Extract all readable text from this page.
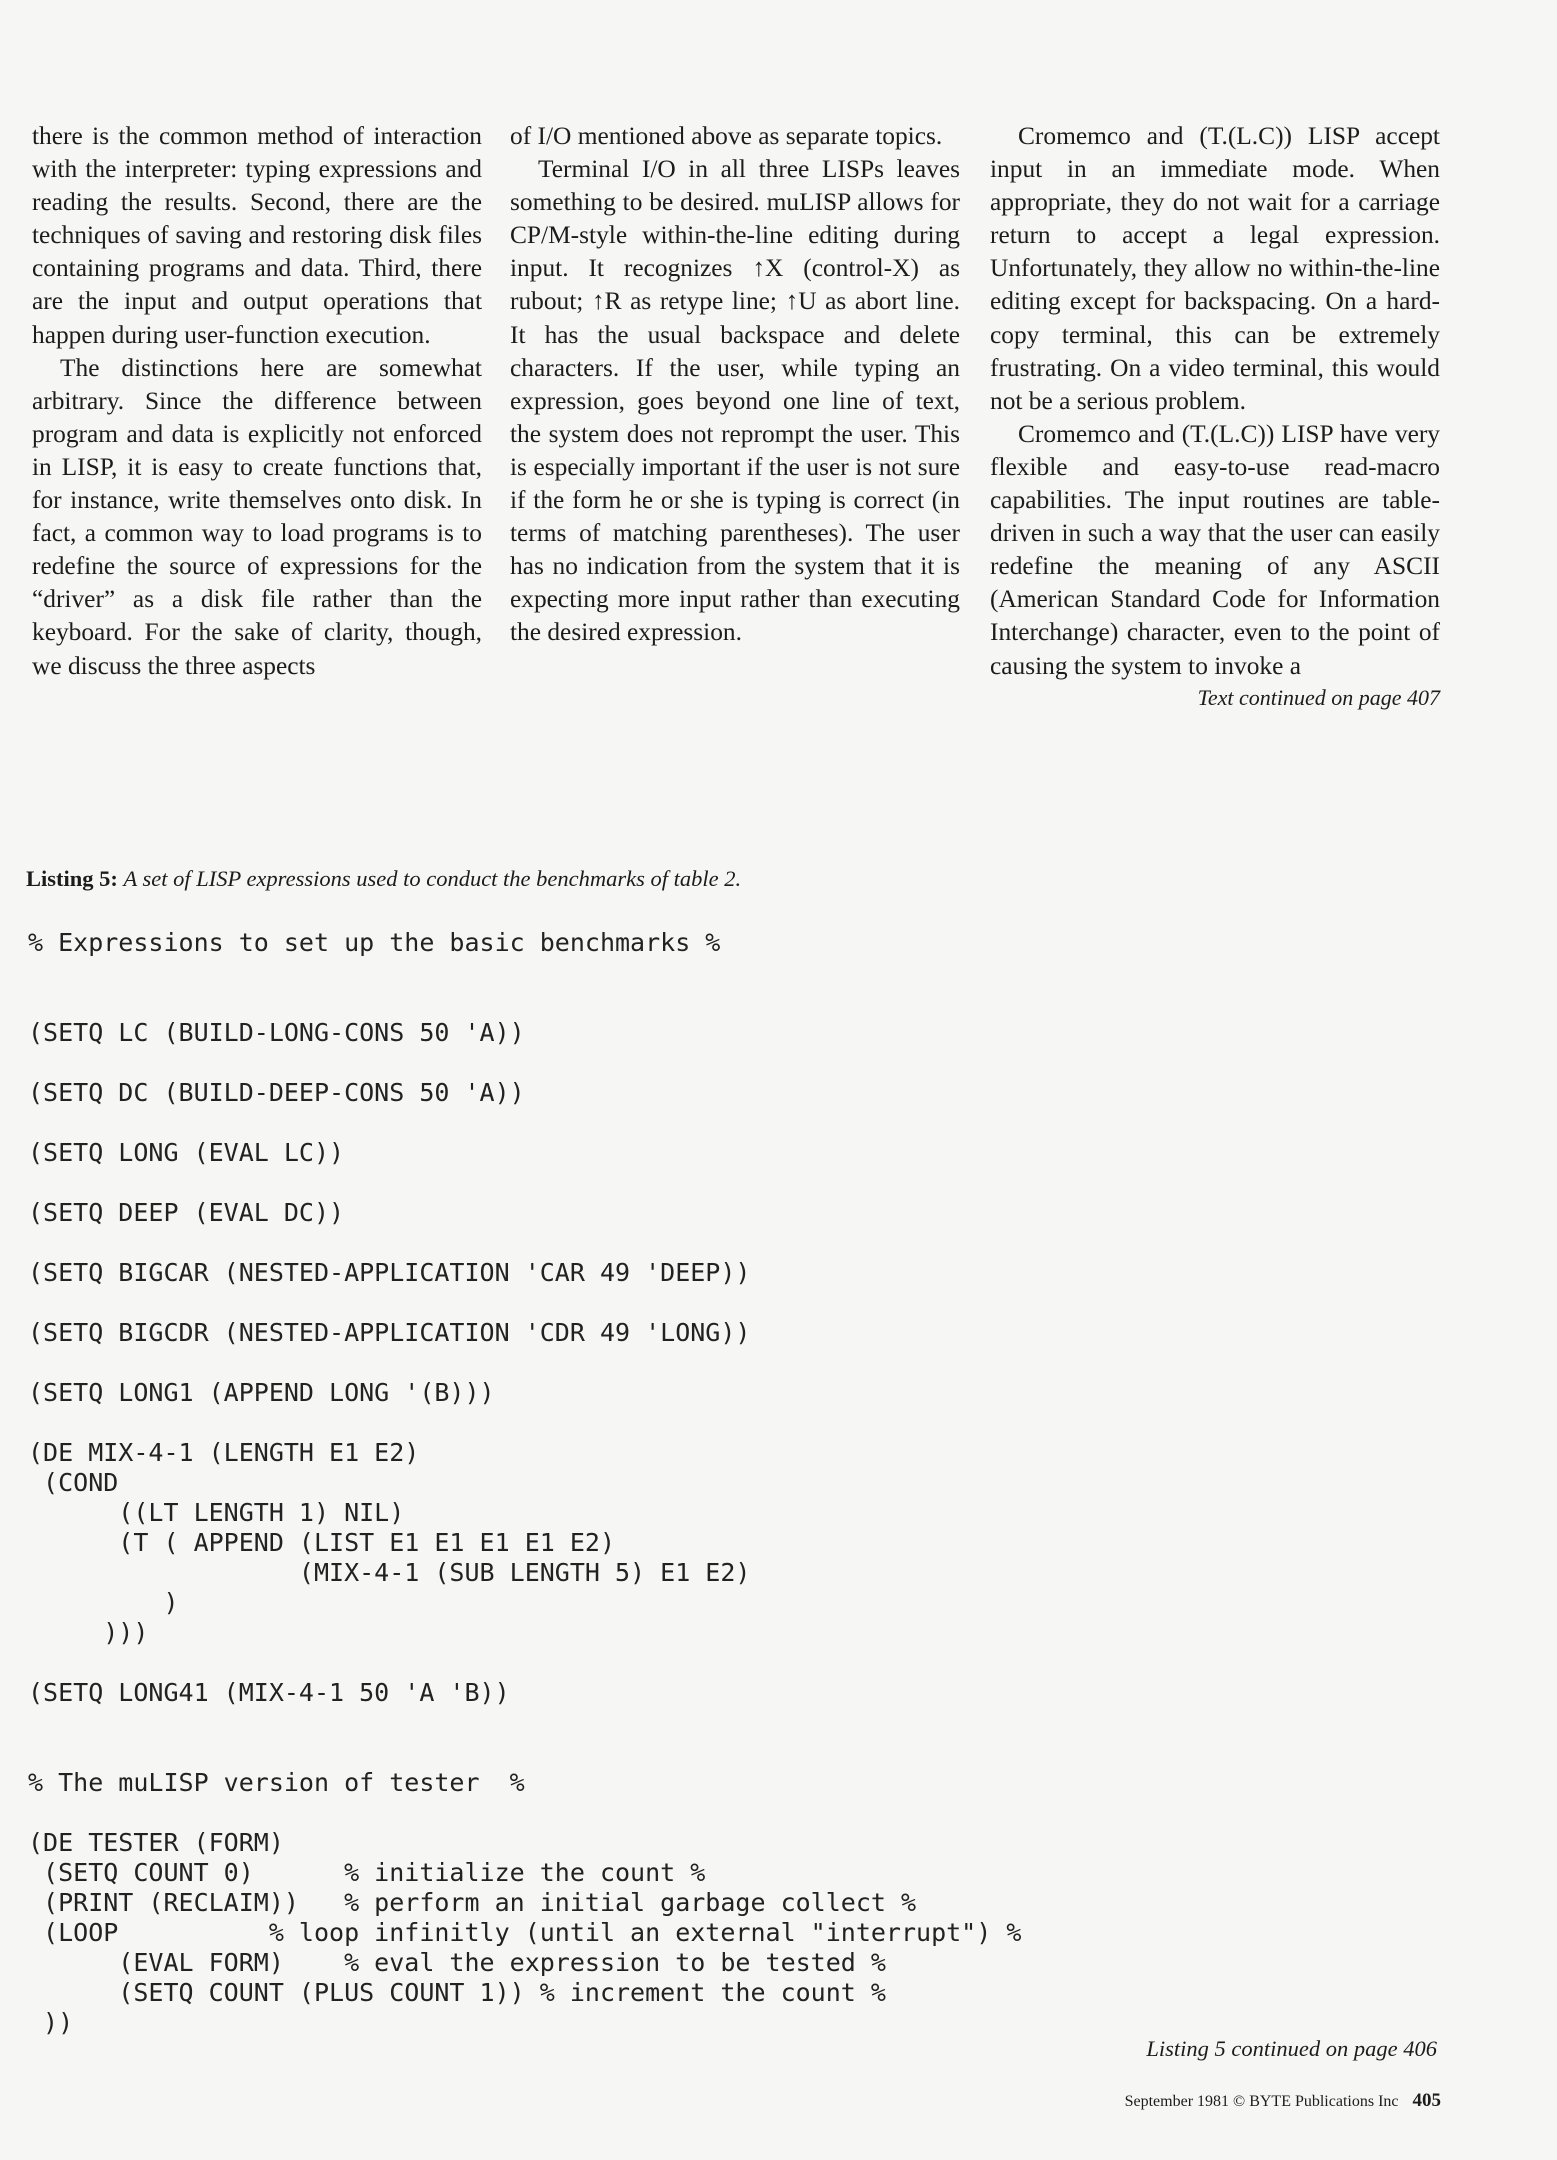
there is the common method of interaction with the interpreter: typing expressions and reading the results. Second, there are the techniques of saving and restoring disk files containing programs and data. Third, there are the input and output operations that happen during user-function execution.

The distinctions here are somewhat arbitrary. Since the difference between program and data is explicitly not enforced in LISP, it is easy to create functions that, for instance, write themselves onto disk. In fact, a common way to load programs is to redefine the source of expressions for the “driver” as a disk file rather than the keyboard. For the sake of clarity, though, we discuss the three aspects

of I/O mentioned above as separate topics.

Terminal I/O in all three LISPs leaves something to be desired. muLISP allows for CP/M-style within-the-line editing during input. It recognizes ↑X (control-X) as rubout; ↑R as retype line; ↑U as abort line. It has the usual backspace and delete characters. If the user, while typing an expression, goes beyond one line of text, the system does not reprompt the user. This is especially important if the user is not sure if the form he or she is typing is correct (in terms of matching parentheses). The user has no indication from the system that it is expecting more input rather than executing the desired expression.

Cromemco and (T.(L.C)) LISP accept input in an immediate mode. When appropriate, they do not wait for a carriage return to accept a legal expression. Unfortunately, they allow no within-the-line editing except for backspacing. On a hard-copy terminal, this can be extremely frustrating. On a video terminal, this would not be a serious problem.

Cromemco and (T.(L.C)) LISP have very flexible and easy-to-use read-macro capabilities. The input routines are table-driven in such a way that the user can easily redefine the meaning of any ASCII (American Standard Code for Information Interchange) character, even to the point of causing the system to invoke a

Text continued on page 407
Listing 5: A set of LISP expressions used to conduct the benchmarks of table 2.
% Expressions to set up the basic benchmarks %

(SETQ LC (BUILD-LONG-CONS 50 'A))

(SETQ DC (BUILD-DEEP-CONS 50 'A))

(SETQ LONG (EVAL LC))

(SETQ DEEP (EVAL DC))

(SETQ BIGCAR (NESTED-APPLICATION 'CAR 49 'DEEP))

(SETQ BIGCDR (NESTED-APPLICATION 'CDR 49 'LONG))

(SETQ LONG1 (APPEND LONG '(B)))

(DE MIX-4-1 (LENGTH E1 E2)
(COND
((LT LENGTH 1) NIL)
(T ( APPEND (LIST E1 E1 E1 E1 E2)
(MIX-4-1 (SUB LENGTH 5) E1 E2)
)
)))

(SETQ LONG41 (MIX-4-1 50 'A 'B))

% The muLISP version of tester  %

(DE TESTER (FORM)
(SETQ COUNT 0)      % initialize the count %
(PRINT (RECLAIM))   % perform an initial garbage collect %
(LOOP          % loop infinitly (until an external "interrupt") %
(EVAL FORM)    % eval the expression to be tested %
(SETQ COUNT (PLUS COUNT 1)) % increment the count %
))
Listing 5 continued on page 406
September 1981 © BYTE Publications Inc 405
